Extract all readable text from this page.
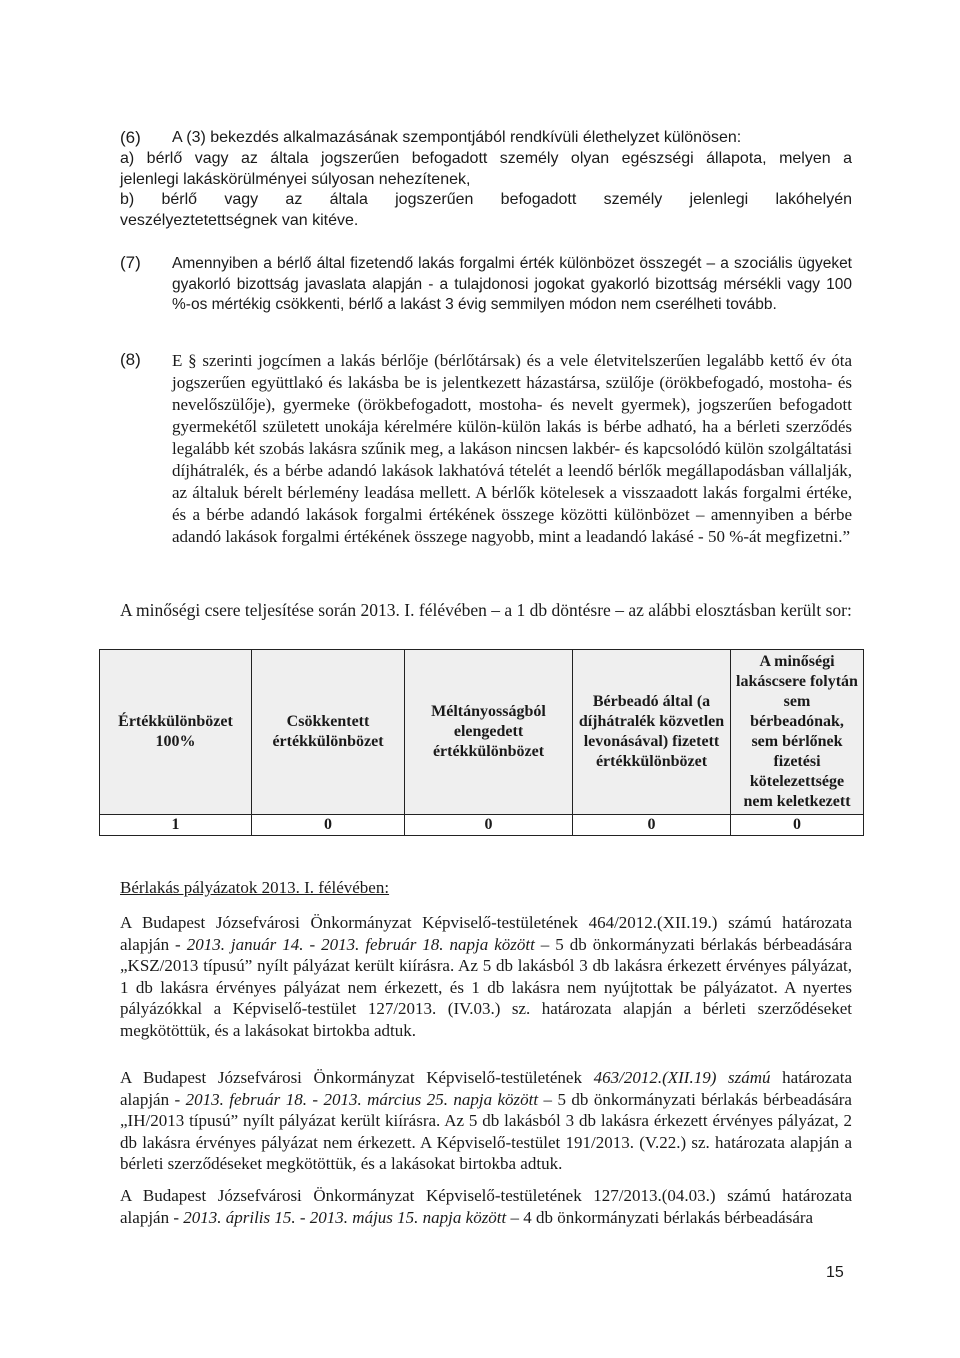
(6) A (3) bekezdés alkalmazásának szempontjából rendkívüli élethelyzet különösen:
a) bérlő vagy az általa jogszerűen befogadott személy olyan egészségi állapota, melyen a
jelenlegi lakáskörülményei súlyosan nehezítenek,
b) bérlő vagy az általa jogszerűen befogadott személy jelenlegi lakóhelyén
veszélyeztetettségnek van kitéve.
(7) Amennyiben a bérlő által fizetendő lakás forgalmi érték különbözet összegét – a szociális ügyeket gyakorló bizottság javaslata alapján - a tulajdonosi jogokat gyakorló bizottság mérsékli vagy 100 %-os mértékig csökkenti, bérlő a lakást 3 évig semmilyen módon nem cserélheti tovább.
(8) E § szerinti jogcímen a lakás bérlője (bérlőtársak) és a vele életvitelszerűen legalább kettő év óta jogszerűen együttlakó és lakásba be is jelentkezett házastársa, szülője (örökbefogadó, mostoha- és nevelőszülője), gyermeke (örökbefogadott, mostoha- és nevelt gyermek), jogszerűen befogadott gyermekétől született unokája kérelmére külön-külön lakás is bérbe adható, ha a bérleti szerződés legalább két szobás lakásra szűnik meg, a lakáson nincsen lakbér- és kapcsolódó külön szolgáltatási díjhátralék, és a bérbe adandó lakások lakhatóvá tételét a leendő bérlők megállapodásban vállalják, az általuk bérelt bérlemény leadása mellett. A bérlők kötelesek a visszaadott lakás forgalmi értéke, és a bérbe adandó lakások forgalmi értékének összege közötti különbözet – amennyiben a bérbe adandó lakások forgalmi értékének összege nagyobb, mint a leadandó lakásé - 50 %-át megfizetni.”
A minőségi csere teljesítése során 2013. I. félévében – a 1 db döntésre – az alábbi elosztásban került sor:
Értékkülönbözet 100%	Csökkentett értékkülönbözet	Méltányosságból elengedett értékkülönbözet	Bérbeadó által (a díjhátralék közvetlen levonásával) fizetett értékkülönbözet	A minőségi lakáscsere folytán sem bérbeadónak, sem bérlőnek fizetési kötelezettsége nem keletkezett
1	0	0	0	0
Bérlakás pályázatok 2013. I. félévében:
A Budapest Józsefvárosi Önkormányzat Képviselő-testületének 464/2012.(XII.19.) számú határozata alapján - 2013. január 14. - 2013. február 18. napja között – 5 db önkormányzati bérlakás bérbeadására „KSZ/2013 típusú” nyílt pályázat került kiírásra. Az 5 db lakásból 3 db lakásra érkezett érvényes pályázat, 1 db lakásra érvényes pályázat nem érkezett, és 1 db lakásra nem nyújtottak be pályázatot. A nyertes pályázókkal a Képviselő-testület 127/2013. (IV.03.) sz. határozata alapján a bérleti szerződéseket megkötöttük, és a lakásokat birtokba adtuk.
A Budapest Józsefvárosi Önkormányzat Képviselő-testületének 463/2012.(XII.19) számú határozata alapján - 2013. február 18. - 2013. március 25. napja között – 5 db önkormányzati bérlakás bérbeadására „IH/2013 típusú” nyílt pályázat került kiírásra. Az 5 db lakásból 3 db lakásra érkezett érvényes pályázat, 2 db lakásra érvényes pályázat nem érkezett. A Képviselő-testület 191/2013. (V.22.) sz. határozata alapján a bérleti szerződéseket megkötöttük, és a lakásokat birtokba adtuk.
A Budapest Józsefvárosi Önkormányzat Képviselő-testületének 127/2013.(04.03.) számú határozata alapján - 2013. április 15. - 2013. május 15. napja között – 4 db önkormányzati bérlakás bérbeadására
15
